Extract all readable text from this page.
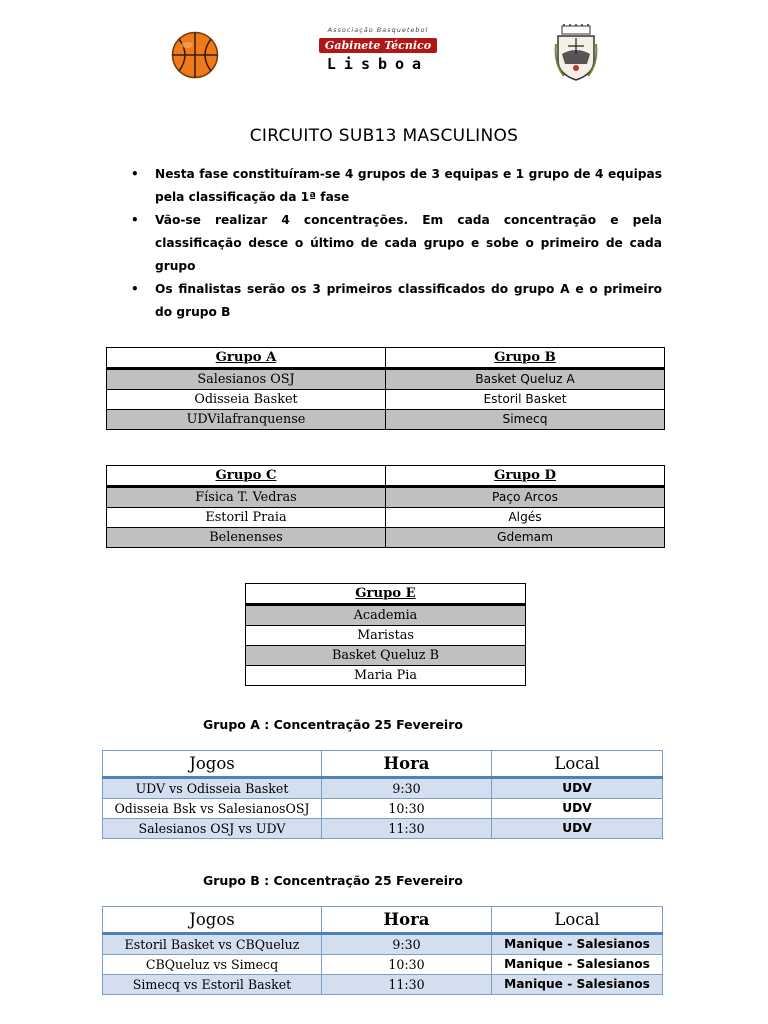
Associação Basquetebol
Gabinete Técnico
Lisboa
CIRCUITO SUB13 MASCULINOS
• Nesta fase constituíram-se 4 grupos de 3 equipas e 1 grupo de 4 equipas pela classificação da 1ª fase
• Vão-se realizar 4 concentrações. Em cada concentração e pela classificação desce o último de cada grupo e sobe o primeiro de cada grupo
• Os finalistas serão os 3 primeiros classificados do grupo A e o primeiro do grupo B
Grupo A	Grupo B
Salesianos OSJ	Basket Queluz A
Odisseia Basket	Estoril Basket
UDVilafranquense	Simecq
Grupo C	Grupo D
Física T. Vedras	Paço Arcos
Estoril Praia	Algés
Belenenses	Gdemam
Grupo E
Academia
Maristas
Basket Queluz B
Maria Pia
Grupo A : Concentração 25 Fevereiro
Jogos	Hora	Local
UDV vs Odisseia Basket	9:30	UDV
Odisseia Bsk vs SalesianosOSJ	10:30	UDV
Salesianos OSJ vs UDV	11:30	UDV
Grupo B : Concentração 25 Fevereiro
Jogos	Hora	Local
Estoril Basket vs CBQueluz	9:30	Manique - Salesianos
CBQueluz vs Simecq	10:30	Manique - Salesianos
Simecq vs Estoril Basket	11:30	Manique - Salesianos
